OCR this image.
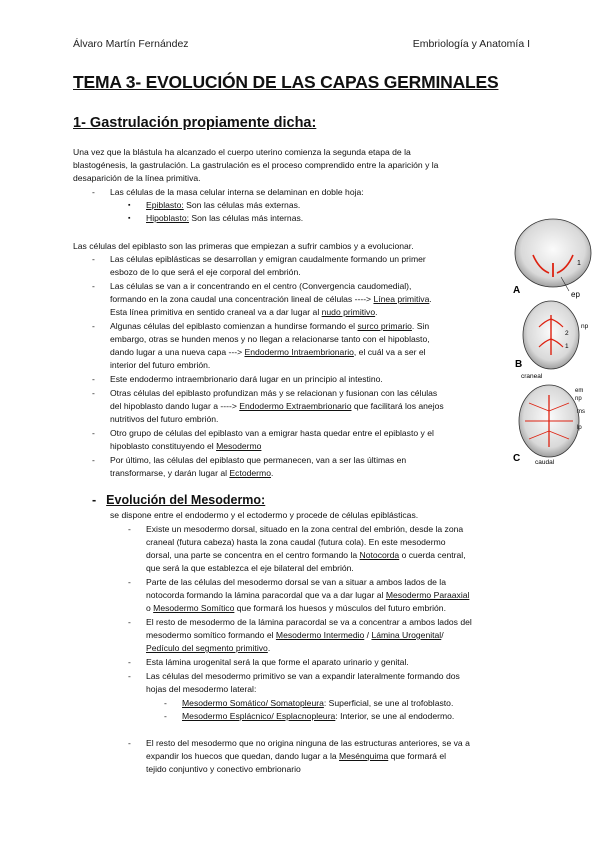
Álvaro Martín Fernández	Embriología y Anatomía I
TEMA 3- EVOLUCIÓN DE LAS CAPAS GERMINALES
1- Gastrulación propiamente dicha:

Una vez que la blástula ha alcanzado el cuerpo uterino comienza la segunda etapa de la

blastogénesis, la gastrulación. La gastrulación es el proceso comprendido entre la aparición y la

desaparición de la línea primitiva.

- Las células de la masa celular interna se delaminan en doble hoja:

▪ Epiblasto: Son las células más externas.

▪ Hipoblasto: Son las células más internas.

Las células del epiblasto son las primeras que empiezan a sufrir cambios y a evolucionar.

- Las células epiblásticas se desarrollan y emigran caudalmente formando un primer

esbozo de lo que será el eje corporal del embrión.

- Las células se van a ir concentrando en el centro (Convergencia caudomedial),

formando en la zona caudal una concentración lineal de células ----> Línea primitiva.

Esta línea primitiva en sentido craneal va a dar lugar al nudo primitivo.

- Algunas células del epiblasto comienzan a hundirse formando el surco primario. Sin

embargo, otras se hunden menos y no llegan a relacionarse tanto con el hipoblasto,

dando lugar a una nueva capa ---> Endodermo Intraembrionario, el cuál va a ser el

interior del futuro embrión.

- Este endodermo intraembrionario dará lugar en un principio al intestino.

- Otras células del epiblasto profundizan más y se relacionan y fusionan con las células

del hipoblasto dando lugar a ----> Endodermo Extraembrionario que facilitará los anejos

nutritivos del futuro embrión.

- Otro grupo de células del epiblasto van a emigrar hasta quedar entre el epiblasto y el

hipoblasto constituyendo el Mesodermo

- Por último, las células del epiblasto que permanecen, van a ser las últimas en

transformarse, y darán lugar al Ectodermo.

- Evolución del Mesodermo:

se dispone entre el endodermo y el ectodermo y procede de células epiblásticas.

- Existe un mesodermo dorsal, situado en la zona central del embrión, desde la zona

craneal (futura cabeza) hasta la zona caudal (futura cola). En este mesodermo

dorsal, una parte se concentra en el centro formando la Notocorda o cuerda central,

que será la que establezca el eje bilateral del embrión.

- Parte de las células del mesodermo dorsal se van a situar a ambos lados de la

notocorda formando la lámina paracordal que va a dar lugar al Mesodermo Paraaxial

o Mesodermo Somítico que formará los huesos y músculos del futuro embrión.

- El resto de mesodermo de la lámina paracordal se va a concentrar a ambos lados del

mesodermo somítico formando el Mesodermo Intermedio / Lámina Urogenital/

Pedículo del segmento primitivo.

- Esta lámina urogenital será la que forme el aparato urinario y genital.

- Las células del mesodermo primitivo se van a expandir lateralmente formando dos

hojas del mesodermo lateral:

- Mesodermo Somático/ Somatopleura: Superficial, se une al trofoblasto.

- Mesodermo Esplácnico/ Esplacnopleura: Interior, se une al endodermo.

- El resto del mesodermo que no origina ninguna de las estructuras anteriores, se va a

expandir los huecos que quedan, dando lugar a la Mesénquima que formará el

tejido conjuntivo y conectivo embrionario

A	ep
1
B
np
2
1
craneal
C
em
np
ms
lp
caudal
